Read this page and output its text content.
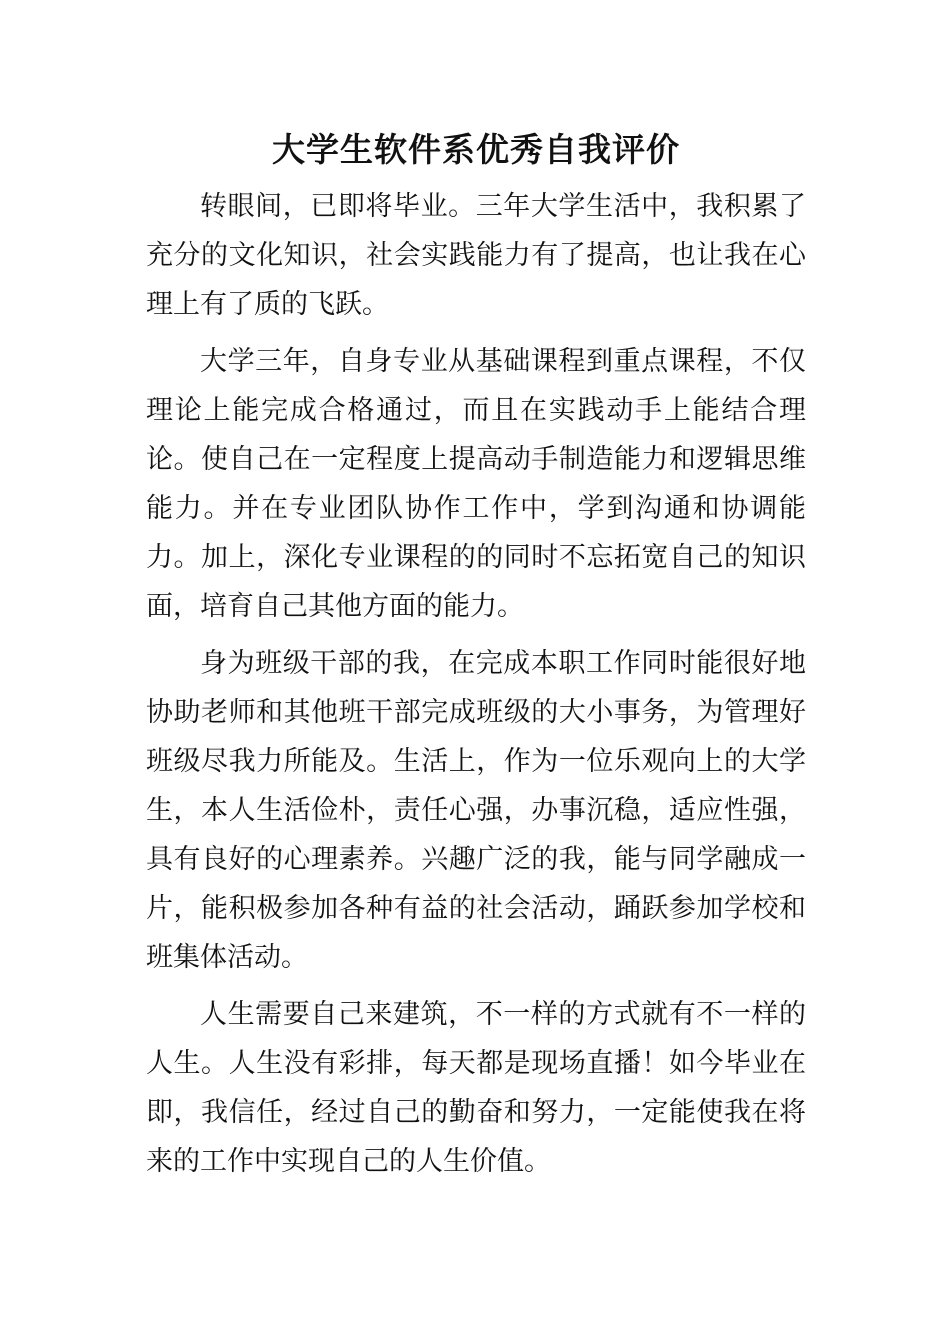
大学生软件系优秀自我评价

转眼间，已即将毕业。三年大学生活中，我积累了充分的文化知识，社会实践能力有了提高，也让我在心理上有了质的飞跃。

大学三年，自身专业从基础课程到重点课程，不仅理论上能完成合格通过，而且在实践动手上能结合理论。使自己在一定程度上提高动手制造能力和逻辑思维能力。并在专业团队协作工作中，学到沟通和协调能力。加上，深化专业课程的的同时不忘拓宽自己的知识面，培育自己其他方面的能力。

身为班级干部的我，在完成本职工作同时能很好地协助老师和其他班干部完成班级的大小事务，为管理好班级尽我力所能及。生活上，作为一位乐观向上的大学生，本人生活俭朴，责任心强，办事沉稳，适应性强，具有良好的心理素养。兴趣广泛的我，能与同学融成一片，能积极参加各种有益的社会活动，踊跃参加学校和班集体活动。

人生需要自己来建筑，不一样的方式就有不一样的人生。人生没有彩排，每天都是现场直播！如今毕业在即，我信任，经过自己的勤奋和努力，一定能使我在将来的工作中实现自己的人生价值。
